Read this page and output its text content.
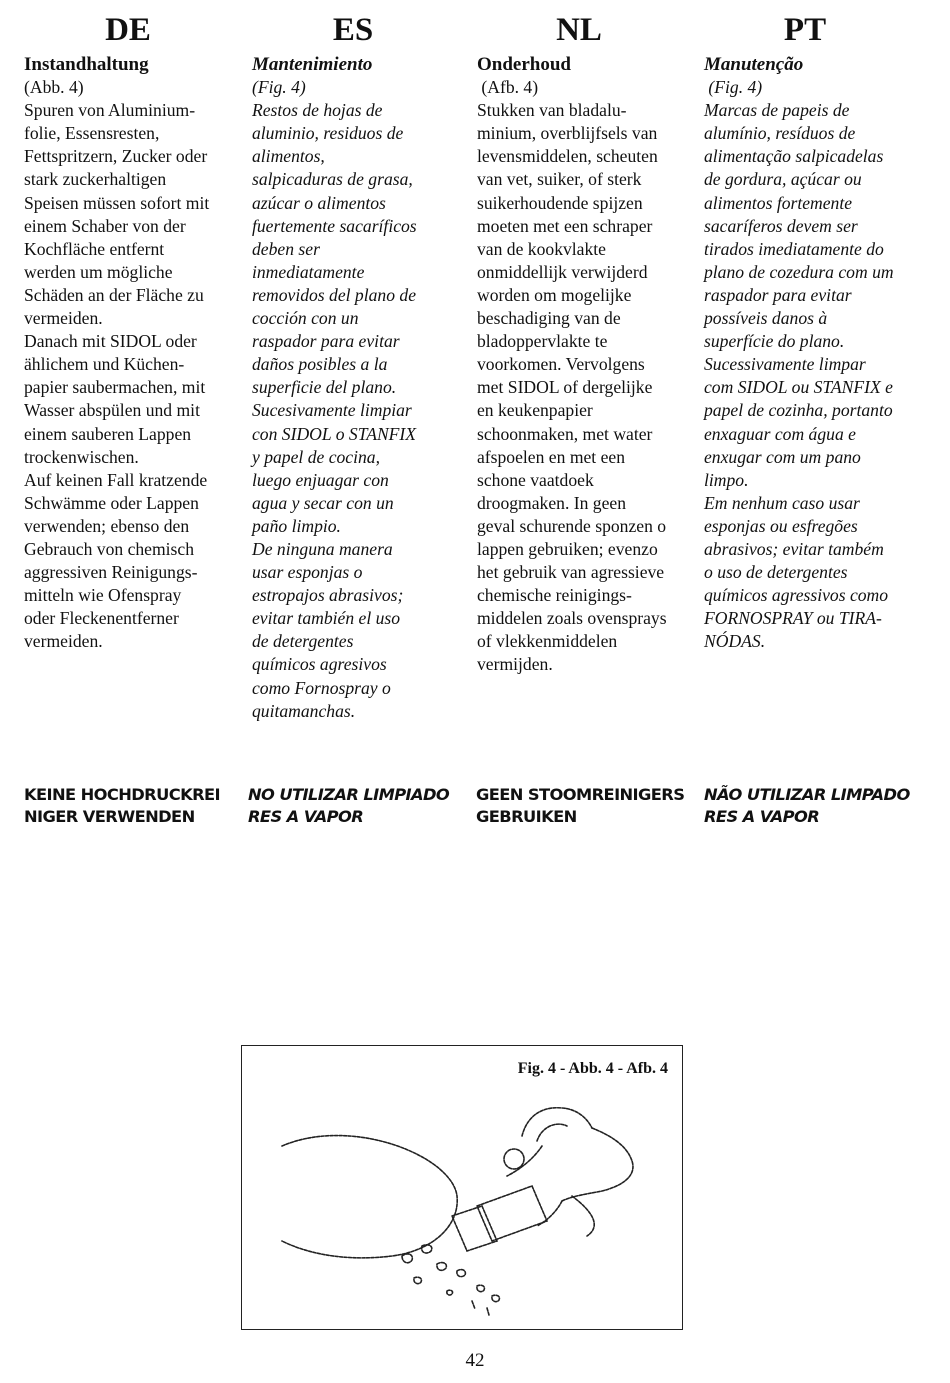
DE	ES	NL	PT
Instandhaltung
(Abb. 4)
Spuren von Aluminium-
folie, Essensresten,
Fettspritzern, Zucker oder
stark zuckerhaltigen
Speisen müssen sofort mit
einem Schaber von der
Kochfläche entfernt
werden um mögliche
Schäden an der Fläche zu
vermeiden.
Danach mit SIDOL oder
ählichem und Küchen-
papier saubermachen, mit
Wasser abspülen und mit
einem sauberen Lappen
trockenwischen.
Auf keinen Fall kratzende
Schwämme oder Lappen
verwenden; ebenso den
Gebrauch von chemisch
aggressiven Reinigungs-
mitteln wie Ofenspray
oder Fleckenentferner
vermeiden.
Mantenimiento
(Fig. 4)
Restos de hojas de
aluminio, residuos de
alimentos,
salpicaduras de grasa,
azúcar o alimentos
fuertemente sacaríficos
deben ser
inmediatamente
removidos del plano de
cocción con un
raspador para evitar
daños posibles a la
superficie del plano.
Sucesivamente limpiar
con SIDOL o STANFIX
y papel de cocina,
luego enjuagar con
agua y secar con un
paño limpio.
De ninguna manera
usar esponjas o
estropajos abrasivos;
evitar también el uso
de detergentes
químicos agresivos
como Fornospray o
quitamanchas.
Onderhoud
(Afb. 4)
Stukken van bladalu-
minium, overblijfsels van
levensmiddelen, scheuten
van vet, suiker, of sterk
suikerhoudende spijzen
moeten met een schraper
van de kookvlakte
onmiddellijk verwijderd
worden om mogelijke
beschadiging van de
bladoppervlakte te
voorkomen. Vervolgens
met SIDOL of dergelijke
en keukenpapier
schoonmaken, met water
afspoelen en met een
schone vaatdoek
droogmaken. In geen
geval schurende sponzen o
lappen gebruiken; evenzo
het gebruik van agressieve
chemische reinigings-
middelen zoals ovensprays
of vlekkenmiddelen
vermijden.
Manutenção
(Fig. 4)
Marcas de papeis de
alumínio, resíduos de
alimentação salpicadelas
de gordura, açúcar ou
alimentos fortemente
sacaríferos devem ser
tirados imediatamente do
plano de cozedura com um
raspador para evitar
possíveis danos à
superfície do plano.
Sucessivamente limpar
com SIDOL ou STANFIX e
papel de cozinha, portanto
enxaguar com água e
enxugar com um pano
limpo.
Em nenhum caso usar
esponjas ou esfregões
abrasivos; evitar também
o uso de detergentes
químicos agressivos como
FORNOSPRAY ou TIRA-
NÓDAS.
KEINE HOCHDRUCKREI
NIGER VERWENDEN
NO UTILIZAR LIMPIADO
RES A VAPOR
GEEN STOOMREINIGERS
GEBRUIKEN
NÃO UTILIZAR LIMPADO
RES A VAPOR
Fig. 4 - Abb. 4 - Afb. 4
42
